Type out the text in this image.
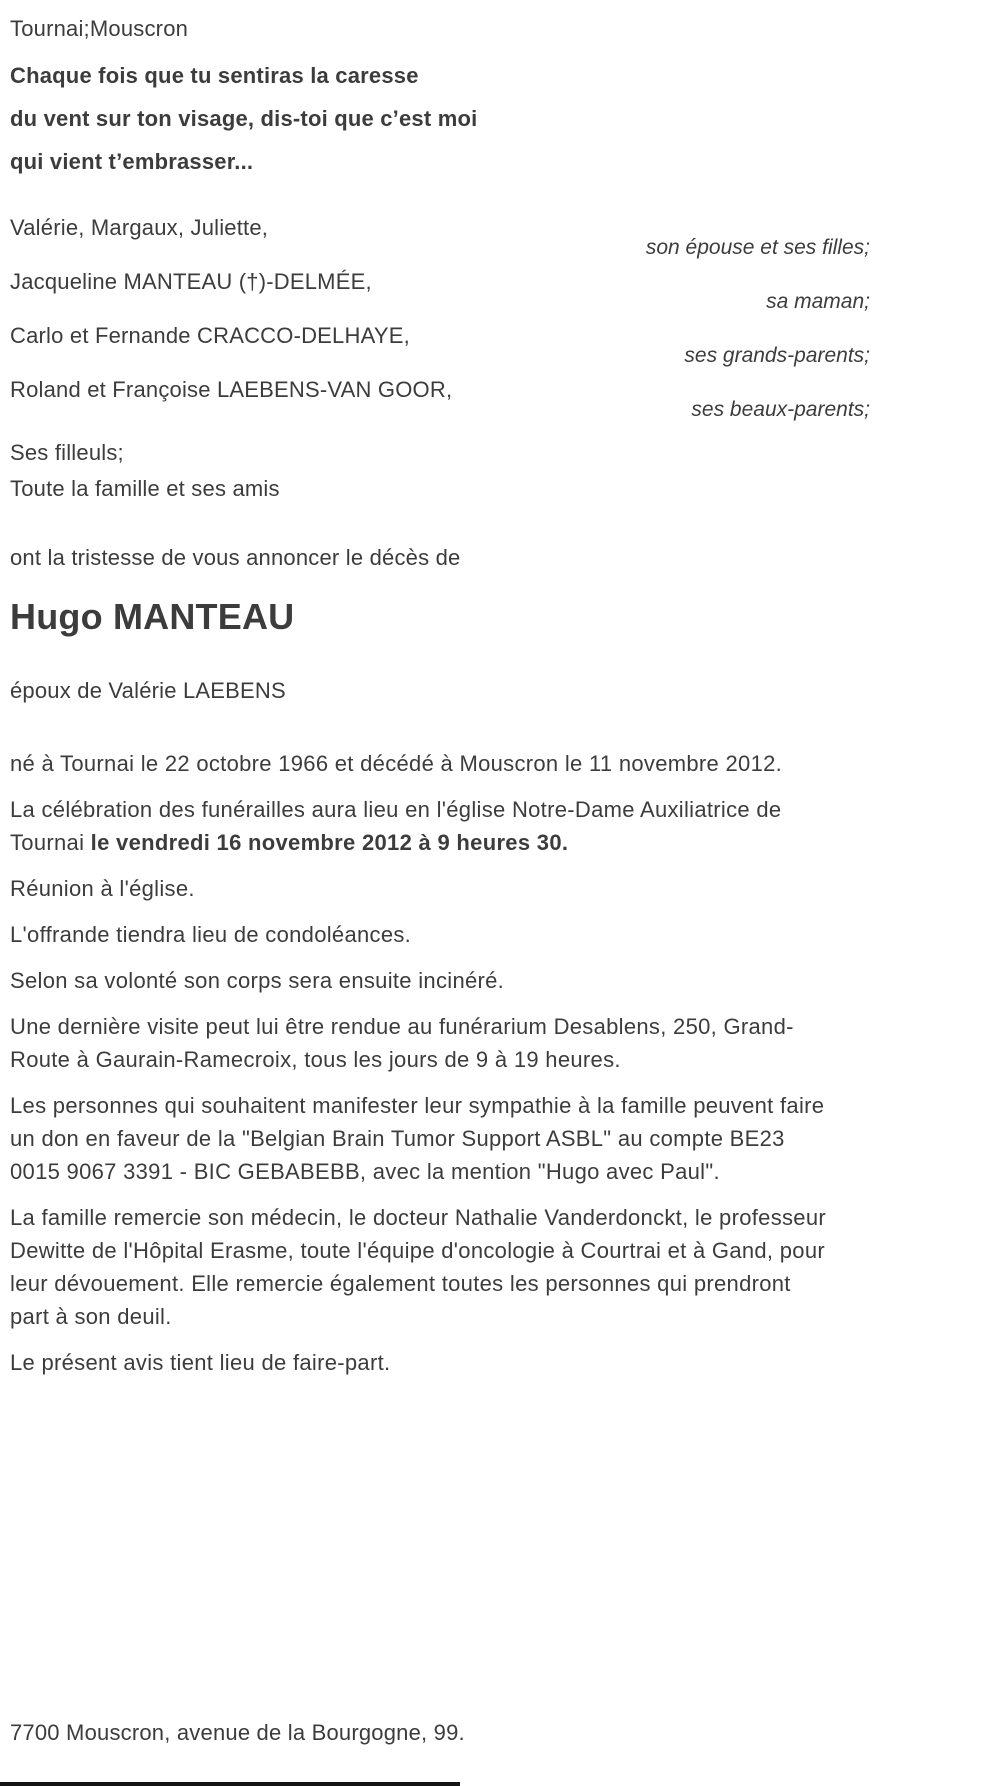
Tournai;Mouscron

Chaque fois que tu sentiras la caresse

du vent sur ton visage, dis-toi que c’est moi

qui vient t’embrasser...

Valérie, Margaux, Juliette,

son épouse et ses filles;

Jacqueline MANTEAU (†)-DELMÉE,

sa maman;

Carlo et Fernande CRACCO-DELHAYE,

ses grands-parents;

Roland et Françoise LAEBENS-VAN GOOR,

ses beaux-parents;

Ses filleuls;

Toute la famille et ses amis

ont la tristesse de vous annoncer le décès de

Hugo MANTEAU

époux de Valérie LAEBENS

né à Tournai le 22 octobre 1966 et décédé à Mouscron le 11 novembre 2012.

La célébration des funérailles aura lieu en l'église Notre-Dame Auxiliatrice de Tournai le vendredi 16 novembre 2012 à 9 heures 30.

Réunion à l'église.

L'offrande tiendra lieu de condoléances.

Selon sa volonté son corps sera ensuite incinéré.

Une dernière visite peut lui être rendue au funérarium Desablens, 250, Grand-Route à Gaurain-Ramecroix, tous les jours de 9 à 19 heures.

Les personnes qui souhaitent manifester leur sympathie à la famille peuvent faire un don en faveur de la "Belgian Brain Tumor Support ASBL" au compte BE23 0015 9067 3391 - BIC GEBABEBB, avec la mention "Hugo avec Paul".

La famille remercie son médecin, le docteur Nathalie Vanderdonckt, le professeur Dewitte de l'Hôpital Erasme, toute l'équipe d'oncologie à Courtrai et à Gand, pour leur dévouement. Elle remercie également toutes les personnes qui prendront part à son deuil.

Le présent avis tient lieu de faire-part.

7700 Mouscron, avenue de la Bourgogne, 99.
